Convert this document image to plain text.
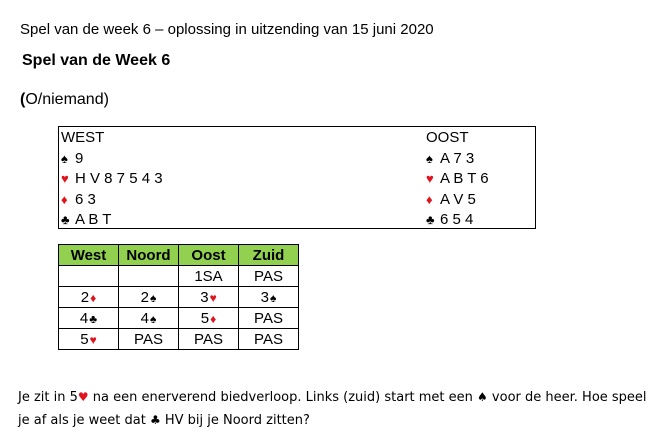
Spel van de week 6 – oplossing in uitzending van 15 juni 2020
Spel van de Week 6
(O/niemand)
WEST
♠ 9
♥ H V 8 7 5 4 3
♦ 6 3
♣ A B T
OOST
♠ A 7 3
♥ A B T 6
♦ A V 5
♣ 6 5 4
West	Noord	Oost	Zuid
		1SA	PAS
2♦	2♠	3♥	3♠
4♣	4♠	5♦	PAS
5♥	PAS	PAS	PAS
Je zit in 5♥ na een enerverend biedverloop. Links (zuid) start met een ♠ voor de heer. Hoe speel je af als je weet dat ♣ HV bij je Noord zitten?
